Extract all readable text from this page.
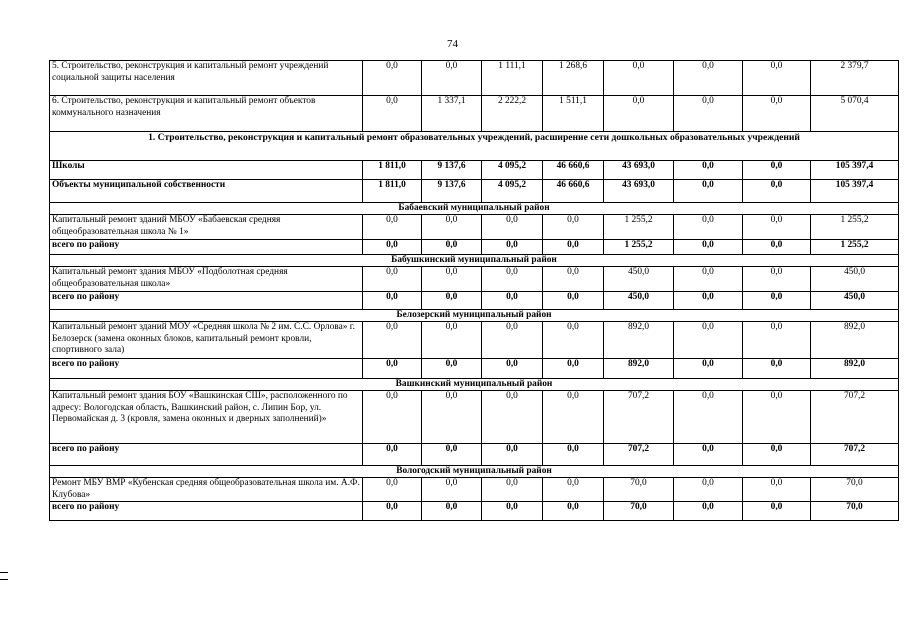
74
5. Строительство, реконструкция и капитальный ремонт учреждений социальной защиты населения	0,0	0,0	1 111,1	1 268,6	0,0	0,0	0,0	2 379,7
6. Строительство, реконструкция и капитальный ремонт объектов коммунального назначения	0,0	1 337,1	2 222,2	1 511,1	0,0	0,0	0,0	5 070,4
1. Строительство, реконструкция и капитальный ремонт образовательных учреждений, расширение сети дошкольных образовательных учреждений								
Школы	1 811,0	9 137,6	4 095,2	46 660,6	43 693,0	0,0	0,0	105 397,4
Объекты муниципальной собственности	1 811,0	9 137,6	4 095,2	46 660,6	43 693,0	0,0	0,0	105 397,4
Бабаевский муниципальный район								
Капитальный ремонт зданий МБОУ «Бабаевская средняя общеобразовательная школа № 1»	0,0	0,0	0,0	0,0	1 255,2	0,0	0,0	1 255,2
всего по району	0,0	0,0	0,0	0,0	1 255,2	0,0	0,0	1 255,2
Бабушкинский муниципальный район								
Капитальный ремонт здания МБОУ «Подболотная средняя общеобразовательная школа»	0,0	0,0	0,0	0,0	450,0	0,0	0,0	450,0
всего по району	0,0	0,0	0,0	0,0	450,0	0,0	0,0	450,0
Белозерский муниципальный район								
Капитальный ремонт зданий МОУ «Средняя школа № 2 им. С.С. Орлова» г. Белозерск (замена оконных блоков, капитальный ремонт кровли, спортивного зала)	0,0	0,0	0,0	0,0	892,0	0,0	0,0	892,0
всего по району	0,0	0,0	0,0	0,0	892,0	0,0	0,0	892,0
Вашкинский муниципальный район								
Капитальный ремонт здания БОУ «Вашкинская СШ», расположенного по адресу: Вологодская область, Вашкинский район, с. Липин Бор, ул. Первомайская д. 3 (кровля, замена оконных и дверных заполнений)»	0,0	0,0	0,0	0,0	707,2	0,0	0,0	707,2
всего по району	0,0	0,0	0,0	0,0	707,2	0,0	0,0	707,2
Вологодский муниципальный район								
Ремонт МБУ ВМР «Кубенская средняя общеобразовательная школа им. А.Ф. Клубова»	0,0	0,0	0,0	0,0	70,0	0,0	0,0	70,0
всего по району	0,0	0,0	0,0	0,0	70,0	0,0	0,0	70,0
